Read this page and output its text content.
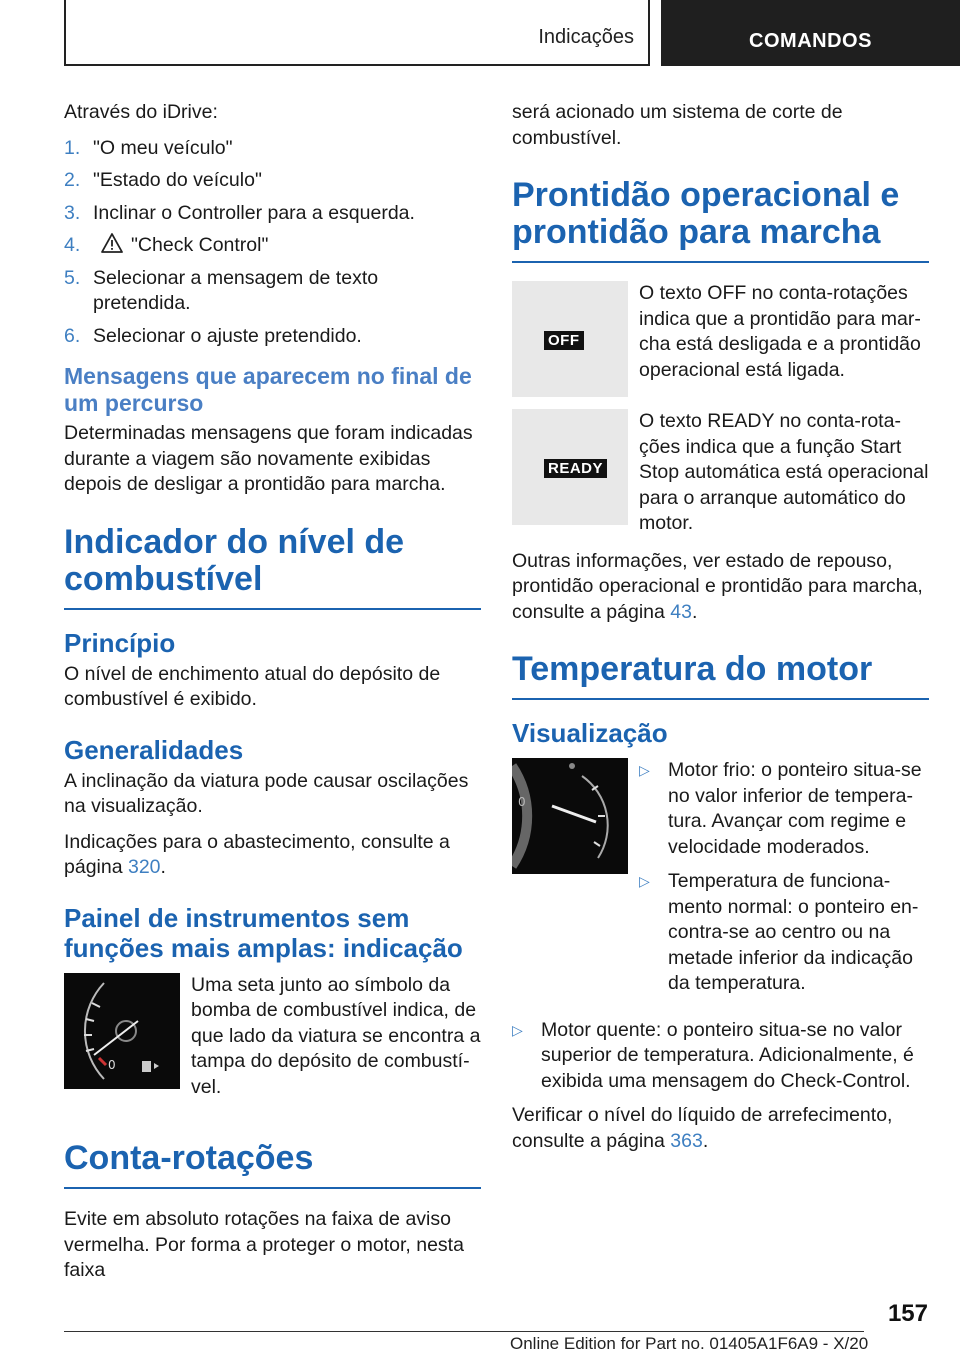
Indicações	COMANDOS

Através do iDrive:

1. "O meu veículo"
2. "Estado do veículo"
3. Inclinar o Controller para a esquerda.
4.	"Check Control"
5. Selecionar a mensagem de texto pretendida.
6. Selecionar o ajuste pretendido.
Mensagens que aparecem no final de um percurso

Determinadas mensagens que foram indicadas durante a viagem são novamente exibidas depois de desligar a prontidão para marcha.

Indicador do nível de combustível
Princípio

O nível de enchimento atual do depósito de combustível é exibido.

Generalidades

A inclinação da viatura pode causar oscilações na visualização.

Indicações para o abastecimento, consulte a página 320.

Painel de instrumentos sem funções mais amplas: indicação
0

Uma seta junto ao símbolo da bomba de combustível indica, de que lado da viatura se encontra a tampa do depósito de combustível.

Conta-rotações

Evite em absoluto rotações na faixa de aviso vermelha. Por forma a proteger o motor, nesta faixa

será acionado um sistema de corte de combustível.

Prontidão operacional e prontidão para marcha
OFF

O texto OFF no conta-rotações indica que a prontidão para marcha está desligada e a prontidão operacional está ligada.

READY

O texto READY no conta-rotações indica que a função Start Stop automática está operacional para o arranque automático do motor.

Outras informações, ver estado de repouso, prontidão operacional e prontidão para marcha, consulte a página 43.

Temperatura do motor
Visualização
0
▷ Motor frio: o ponteiro situa-se no valor inferior de temperatura. Avançar com regime e velocidade moderados.
▷ Temperatura de funcionamento normal: o ponteiro encontra-se ao centro ou na metade inferior da indicação da temperatura.
▷ Motor quente: o ponteiro situa-se no valor superior de temperatura. Adicionalmente, é exibida uma mensagem do Check-Control.

Verificar o nível do líquido de arrefecimento, consulte a página 363.

157
Online Edition for Part no. 01405A1F6A9 - X/20
